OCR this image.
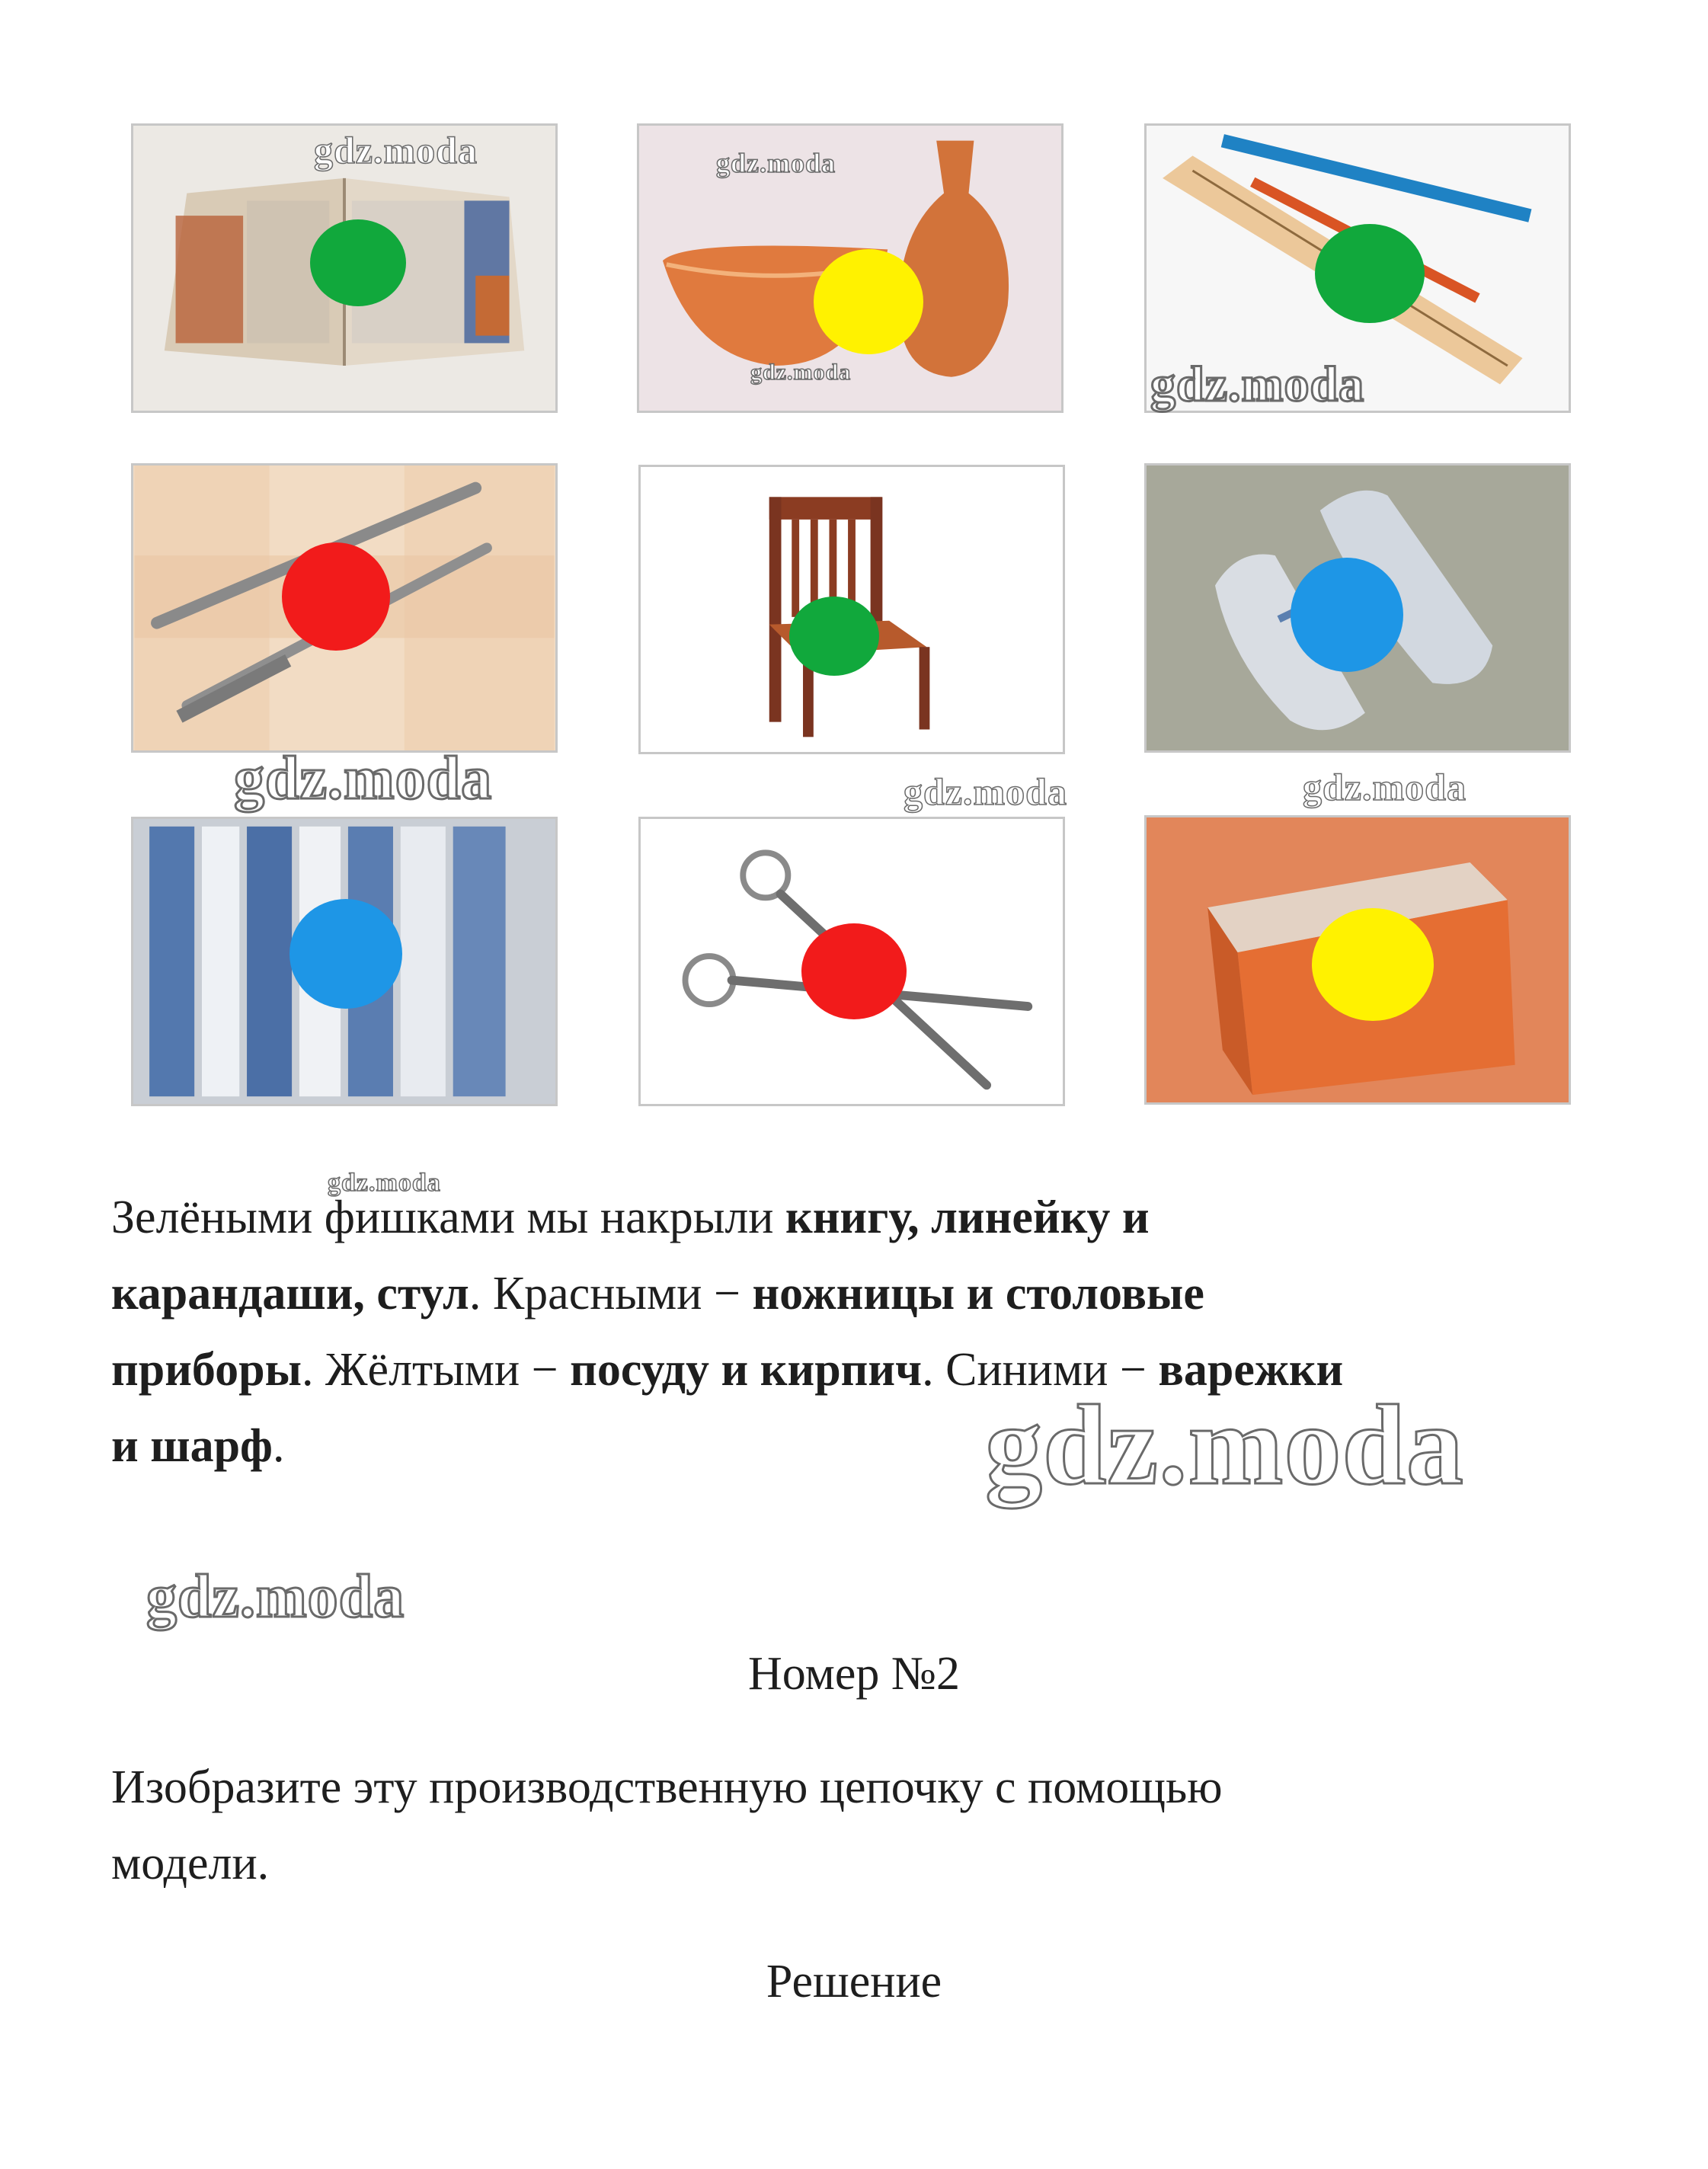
gdz.moda	gdz.moda
gdz.moda	gdz.moda
gdz.moda	gdz.moda	gdz.moda
gdz.moda
gdz.moda
gdz.moda

Зелёными фишками мы накрыли книгу, линейку и карандаши, стул. Красными − ножницы и столовые приборы. Жёлтыми − посуду и кирпич. Синими − варежки и шарф.

Номер №2

Изобразите эту производственную цепочку с помощью модели.

Решение
